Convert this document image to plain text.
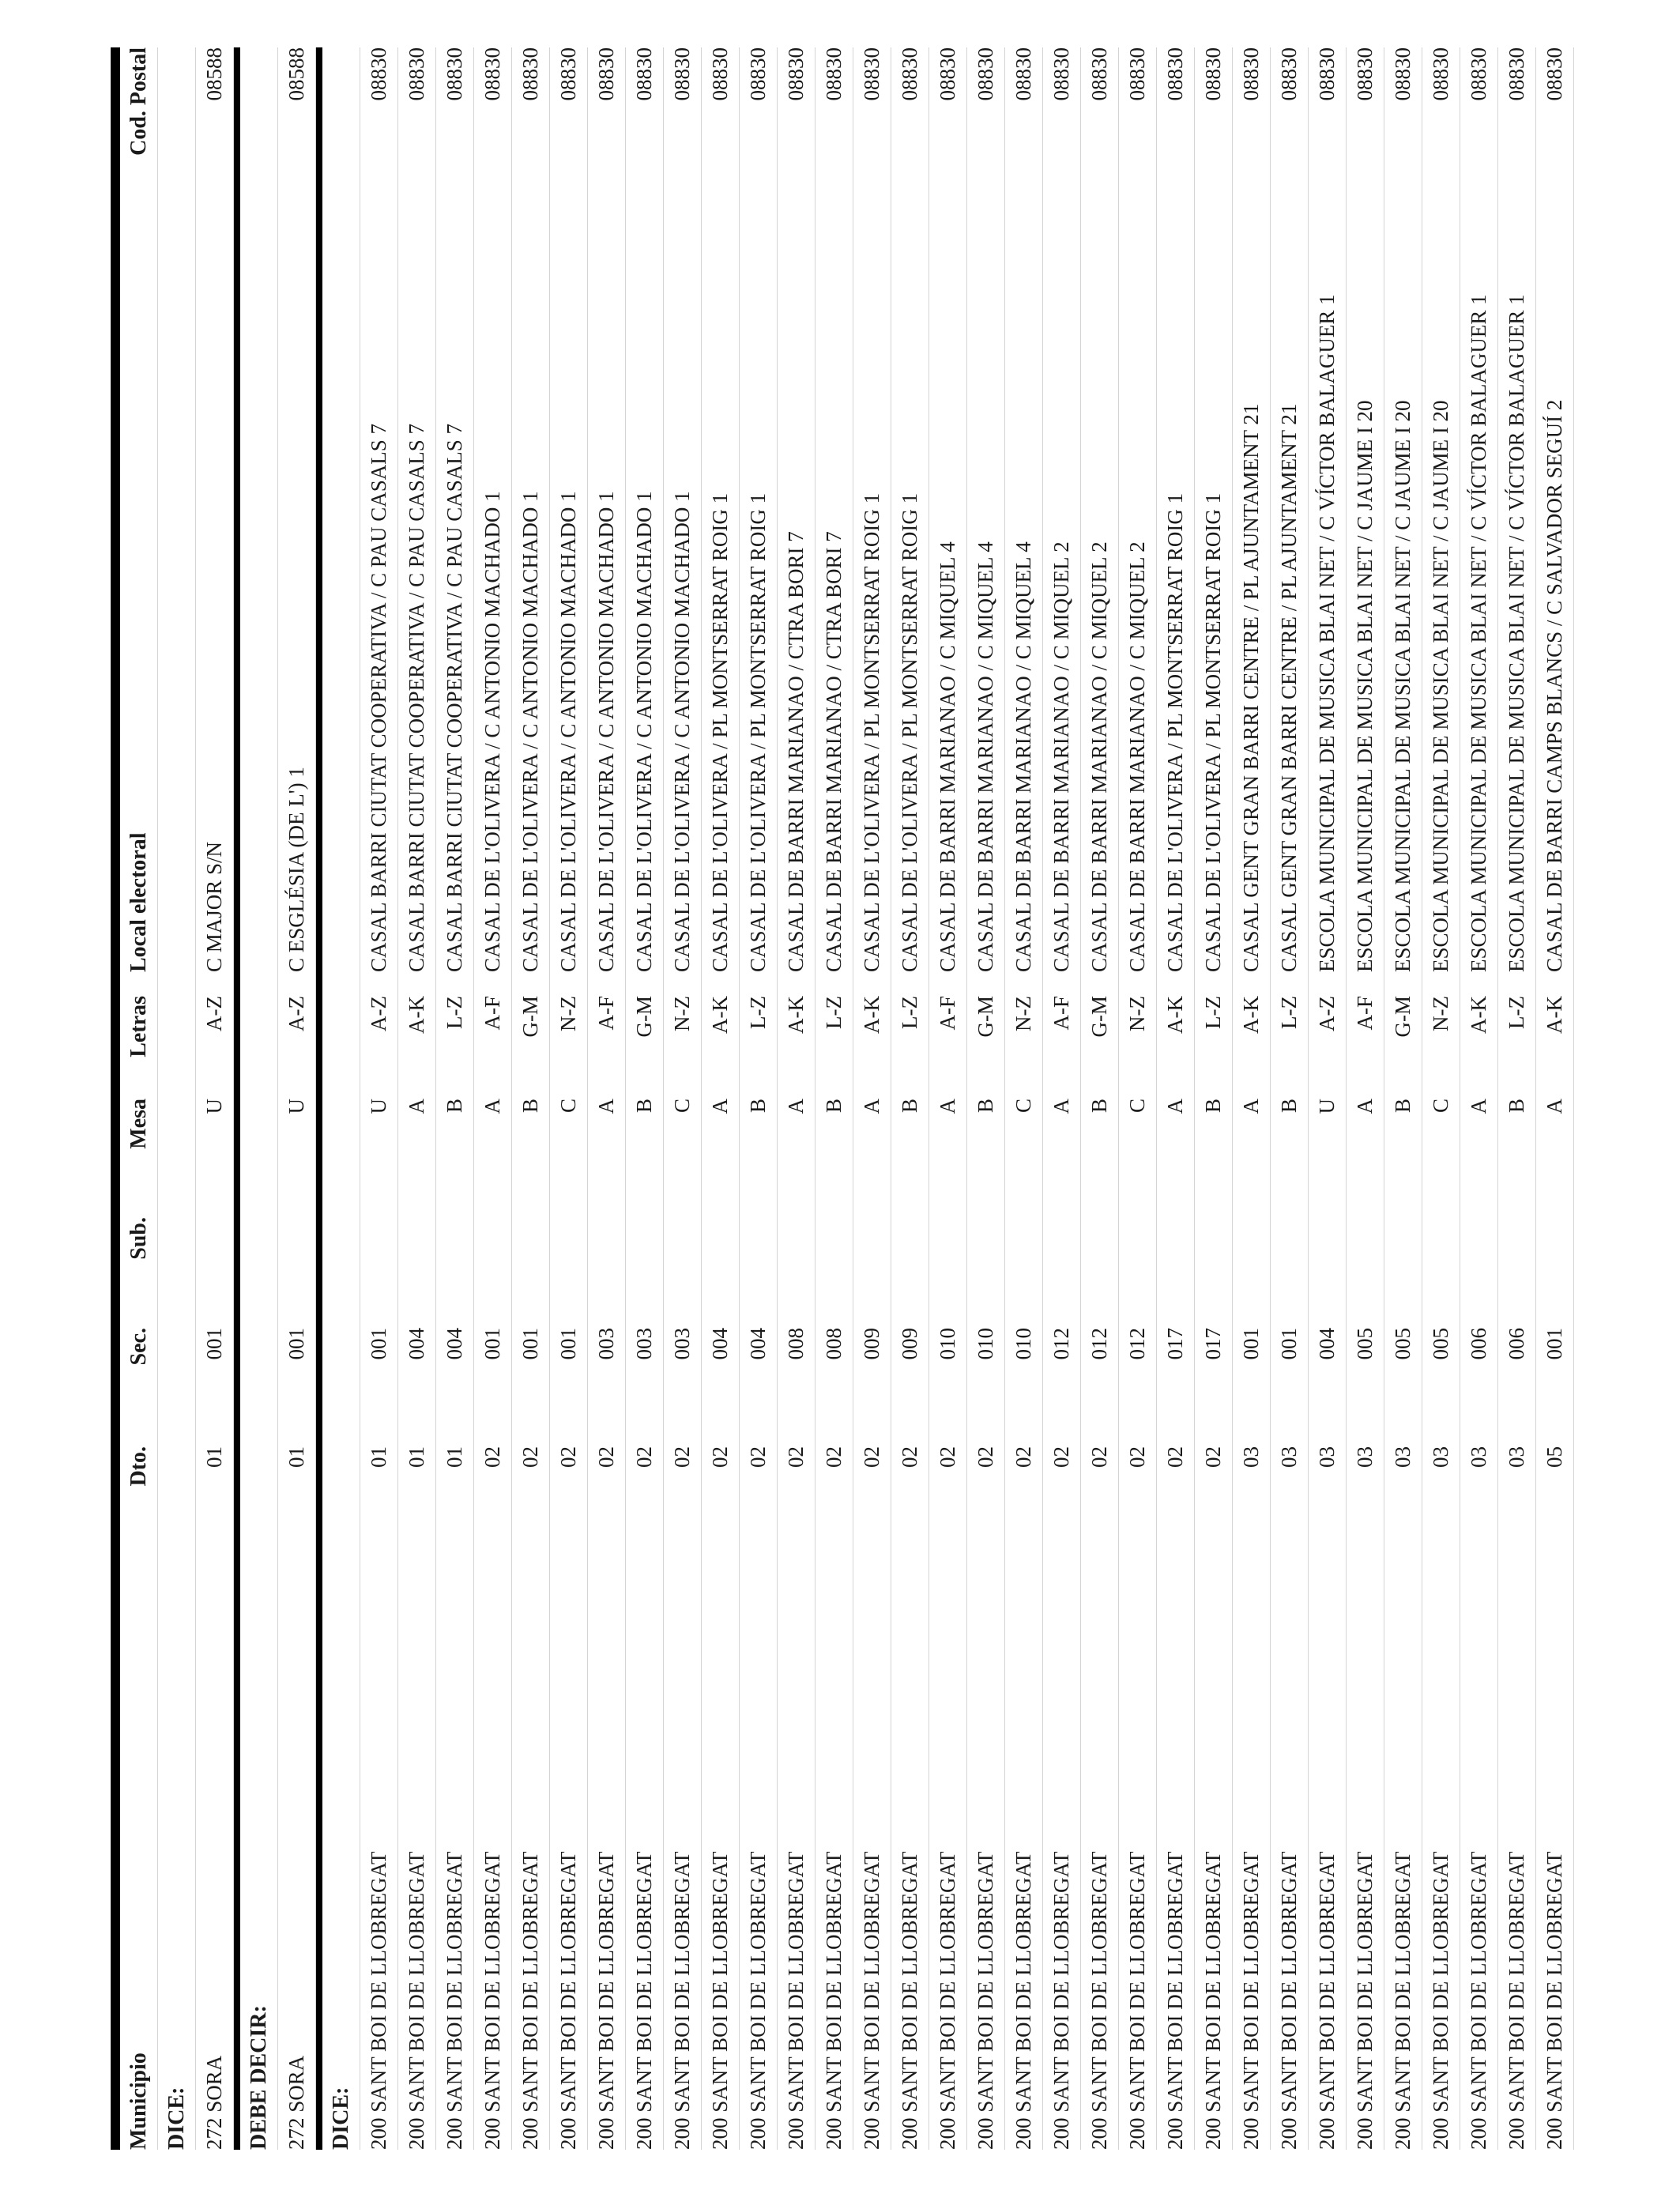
Municipio
Dto.
Sec.
Sub.
Mesa
Letras
Local electoral
Cod. Postal
DICE: 272 SORA
01
001
U
A-Z
C MAJOR S/N
08588
DEBE DECIR: 272 SORA
01
001
U
A-Z
C ESGLÉSIA (DE L') 1
08588
DICE: 200 SANT BOI DE LLOBREGAT
01
001
U
A-Z
CASAL BARRI CIUTAT COOPERATIVA / C PAU CASALS 7
08830
200 SANT BOI DE LLOBREGAT
01
004
A
A-K
CASAL BARRI CIUTAT COOPERATIVA / C PAU CASALS 7
08830
200 SANT BOI DE LLOBREGAT
01
004
B
L-Z
CASAL BARRI CIUTAT COOPERATIVA / C PAU CASALS 7
08830
200 SANT BOI DE LLOBREGAT
02
001
A
A-F
CASAL DE L'OLIVERA / C ANTONIO MACHADO 1
08830
200 SANT BOI DE LLOBREGAT
02
001
B
G-M
CASAL DE L'OLIVERA / C ANTONIO MACHADO 1
08830
200 SANT BOI DE LLOBREGAT
02
001
C
N-Z
CASAL DE L'OLIVERA / C ANTONIO MACHADO 1
08830
200 SANT BOI DE LLOBREGAT
02
003
A
A-F
CASAL DE L'OLIVERA / C ANTONIO MACHADO 1
08830
200 SANT BOI DE LLOBREGAT
02
003
B
G-M
CASAL DE L'OLIVERA / C ANTONIO MACHADO 1
08830
200 SANT BOI DE LLOBREGAT
02
003
C
N-Z
CASAL DE L'OLIVERA / C ANTONIO MACHADO 1
08830
200 SANT BOI DE LLOBREGAT
02
004
A
A-K
CASAL DE L'OLIVERA / PL MONTSERRAT ROIG 1
08830
200 SANT BOI DE LLOBREGAT
02
004
B
L-Z
CASAL DE L'OLIVERA / PL MONTSERRAT ROIG 1
08830
200 SANT BOI DE LLOBREGAT
02
008
A
A-K
CASAL DE BARRI MARIANAO / CTRA BORI 7
08830
200 SANT BOI DE LLOBREGAT
02
008
B
L-Z
CASAL DE BARRI MARIANAO / CTRA BORI 7
08830
200 SANT BOI DE LLOBREGAT
02
009
A
A-K
CASAL DE L'OLIVERA / PL MONTSERRAT ROIG 1
08830
200 SANT BOI DE LLOBREGAT
02
009
B
L-Z
CASAL DE L'OLIVERA / PL MONTSERRAT ROIG 1
08830
200 SANT BOI DE LLOBREGAT
02
010
A
A-F
CASAL DE BARRI MARIANAO / C MIQUEL 4
08830
200 SANT BOI DE LLOBREGAT
02
010
B
G-M
CASAL DE BARRI MARIANAO / C MIQUEL 4
08830
200 SANT BOI DE LLOBREGAT
02
010
C
N-Z
CASAL DE BARRI MARIANAO / C MIQUEL 4
08830
200 SANT BOI DE LLOBREGAT
02
012
A
A-F
CASAL DE BARRI MARIANAO / C MIQUEL 2
08830
200 SANT BOI DE LLOBREGAT
02
012
B
G-M
CASAL DE BARRI MARIANAO / C MIQUEL 2
08830
200 SANT BOI DE LLOBREGAT
02
012
C
N-Z
CASAL DE BARRI MARIANAO / C MIQUEL 2
08830
200 SANT BOI DE LLOBREGAT
02
017
A
A-K
CASAL DE L'OLIVERA / PL MONTSERRAT ROIG 1
08830
200 SANT BOI DE LLOBREGAT
02
017
B
L-Z
CASAL DE L'OLIVERA / PL MONTSERRAT ROIG 1
08830
200 SANT BOI DE LLOBREGAT
03
001
A
A-K
CASAL GENT GRAN BARRI CENTRE / PL AJUNTAMENT 21
08830
200 SANT BOI DE LLOBREGAT
03
001
B
L-Z
CASAL GENT GRAN BARRI CENTRE / PL AJUNTAMENT 21
08830
200 SANT BOI DE LLOBREGAT
03
004
U
A-Z
ESCOLA MUNICIPAL DE MUSICA BLAI NET / C VÍCTOR BALAGUER 1
08830
200 SANT BOI DE LLOBREGAT
03
005
A
A-F
ESCOLA MUNICIPAL DE MUSICA BLAI NET / C JAUME I 20
08830
200 SANT BOI DE LLOBREGAT
03
005
B
G-M
ESCOLA MUNICIPAL DE MUSICA BLAI NET / C JAUME I 20
08830
200 SANT BOI DE LLOBREGAT
03
005
C
N-Z
ESCOLA MUNICIPAL DE MUSICA BLAI NET / C JAUME I 20
08830
200 SANT BOI DE LLOBREGAT
03
006
A
A-K
ESCOLA MUNICIPAL DE MUSICA BLAI NET / C VÍCTOR BALAGUER 1
08830
200 SANT BOI DE LLOBREGAT
03
006
B
L-Z
ESCOLA MUNICIPAL DE MUSICA BLAI NET / C VÍCTOR BALAGUER 1
08830
200 SANT BOI DE LLOBREGAT
05
001
A
A-K
CASAL DE BARRI CAMPS BLANCS / C SALVADOR SEGUÍ 2
08830
